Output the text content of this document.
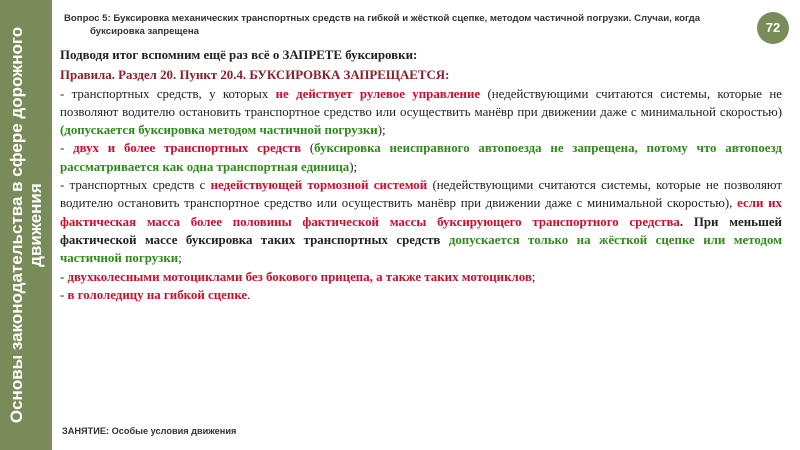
Основы законодательства в сфере дорожного движения
Вопрос 5: Буксировка механических транспортных средств на гибкой и жёсткой сцепке, методом частичной погрузки. Случаи, когда
буксировка запрещена	72

Подводя итог вспомним ещё раз всё о ЗАПРЕТЕ буксировки:

Правила. Раздел 20. Пункт 20.4. БУКСИРОВКА ЗАПРЕЩАЕТСЯ:

- транспортных средств, у которых не действует рулевое управление (недействующими считаются системы, которые не позволяют водителю остановить транспортное средство или осуществить манёвр при движении даже с минимальной скоростью) (допускается буксировка методом частичной погрузки);

- двух и более транспортных средств (буксировка неисправного автопоезда не запрещена, потому что автопоезд рассматривается как одна транспортная единица);

- транспортных средств с недействующей тормозной системой (недействующими считаются системы, которые не позволяют водителю остановить транспортное средство или осуществить манёвр при движении даже с минимальной скоростью), если их фактическая масса более половины фактической массы буксирующего транспортного средства. При меньшей фактической массе буксировка таких транспортных средств допускается только на жёсткой сцепке или методом частичной погрузки;

- двухколесными мотоциклами без бокового прицепа, а также таких мотоциклов;

- в гололедицу на гибкой сцепке.

ЗАНЯТИЕ: Особые условия движения
